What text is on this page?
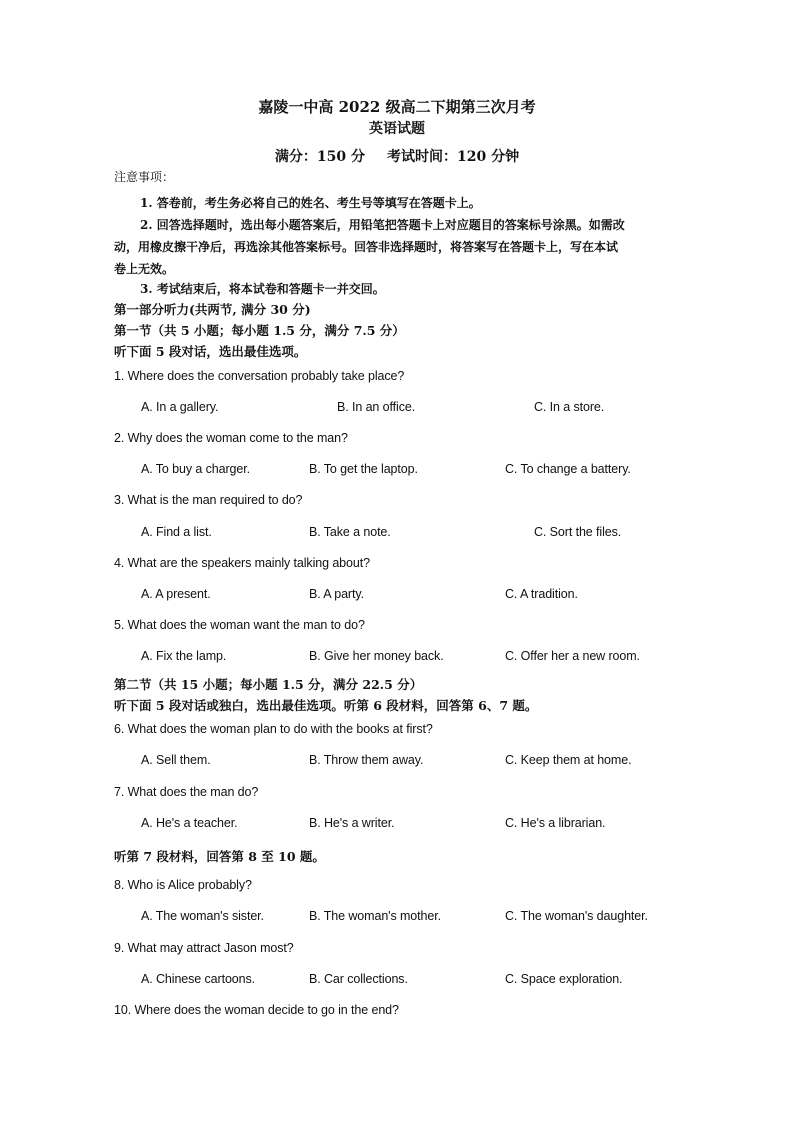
嘉陵一中高 2022 级高二下期第三次月考
英语试题
满分：150 分 考试时间：120 分钟
注意事项：
1. 答卷前，考生务必将自己的姓名、考生号等填写在答题卡上。
2. 回答选择题时，选出每小题答案后，用铅笔把答题卡上对应题目的答案标号涂黑。如需改
动，用橡皮擦干净后，再选涂其他答案标号。回答非选择题时，将答案写在答题卡上，写在本试
卷上无效。
3. 考试结束后，将本试卷和答题卡一并交回。
第一部分听力(共两节, 满分 30 分)
第一节（共 5 小题；每小题 1.5 分，满分 7.5 分）
听下面 5 段对话，选出最佳选项。
1. Where does the conversation probably take place?
A. In a gallery.	B. In an office.	C. In a store.
2. Why does the woman come to the man?
A. To buy a charger.	B. To get the laptop.	C. To change a battery.
3. What is the man required to do?
A. Find a list.	B. Take a note.	C. Sort the files.
4. What are the speakers mainly talking about?
A. A present.	B. A party.	C. A tradition.
5. What does the woman want the man to do?
A. Fix the lamp.	B. Give her money back.	C. Offer her a new room.
第二节（共 15 小题；每小题 1.5 分，满分 22.5 分）
听下面 5 段对话或独白，选出最佳选项。听第 6 段材料，回答第 6、7 题。
6. What does the woman plan to do with the books at first?
A. Sell them.	B. Throw them away.	C. Keep them at home.
7. What does the man do?
A. He's a teacher.	B. He's a writer.	C. He's a librarian.
听第 7 段材料，回答第 8 至 10 题。
8. Who is Alice probably?
A. The woman's sister.	B. The woman's mother.	C. The woman's daughter.
9. What may attract Jason most?
A. Chinese cartoons.	B. Car collections.	C. Space exploration.
10. Where does the woman decide to go in the end?
